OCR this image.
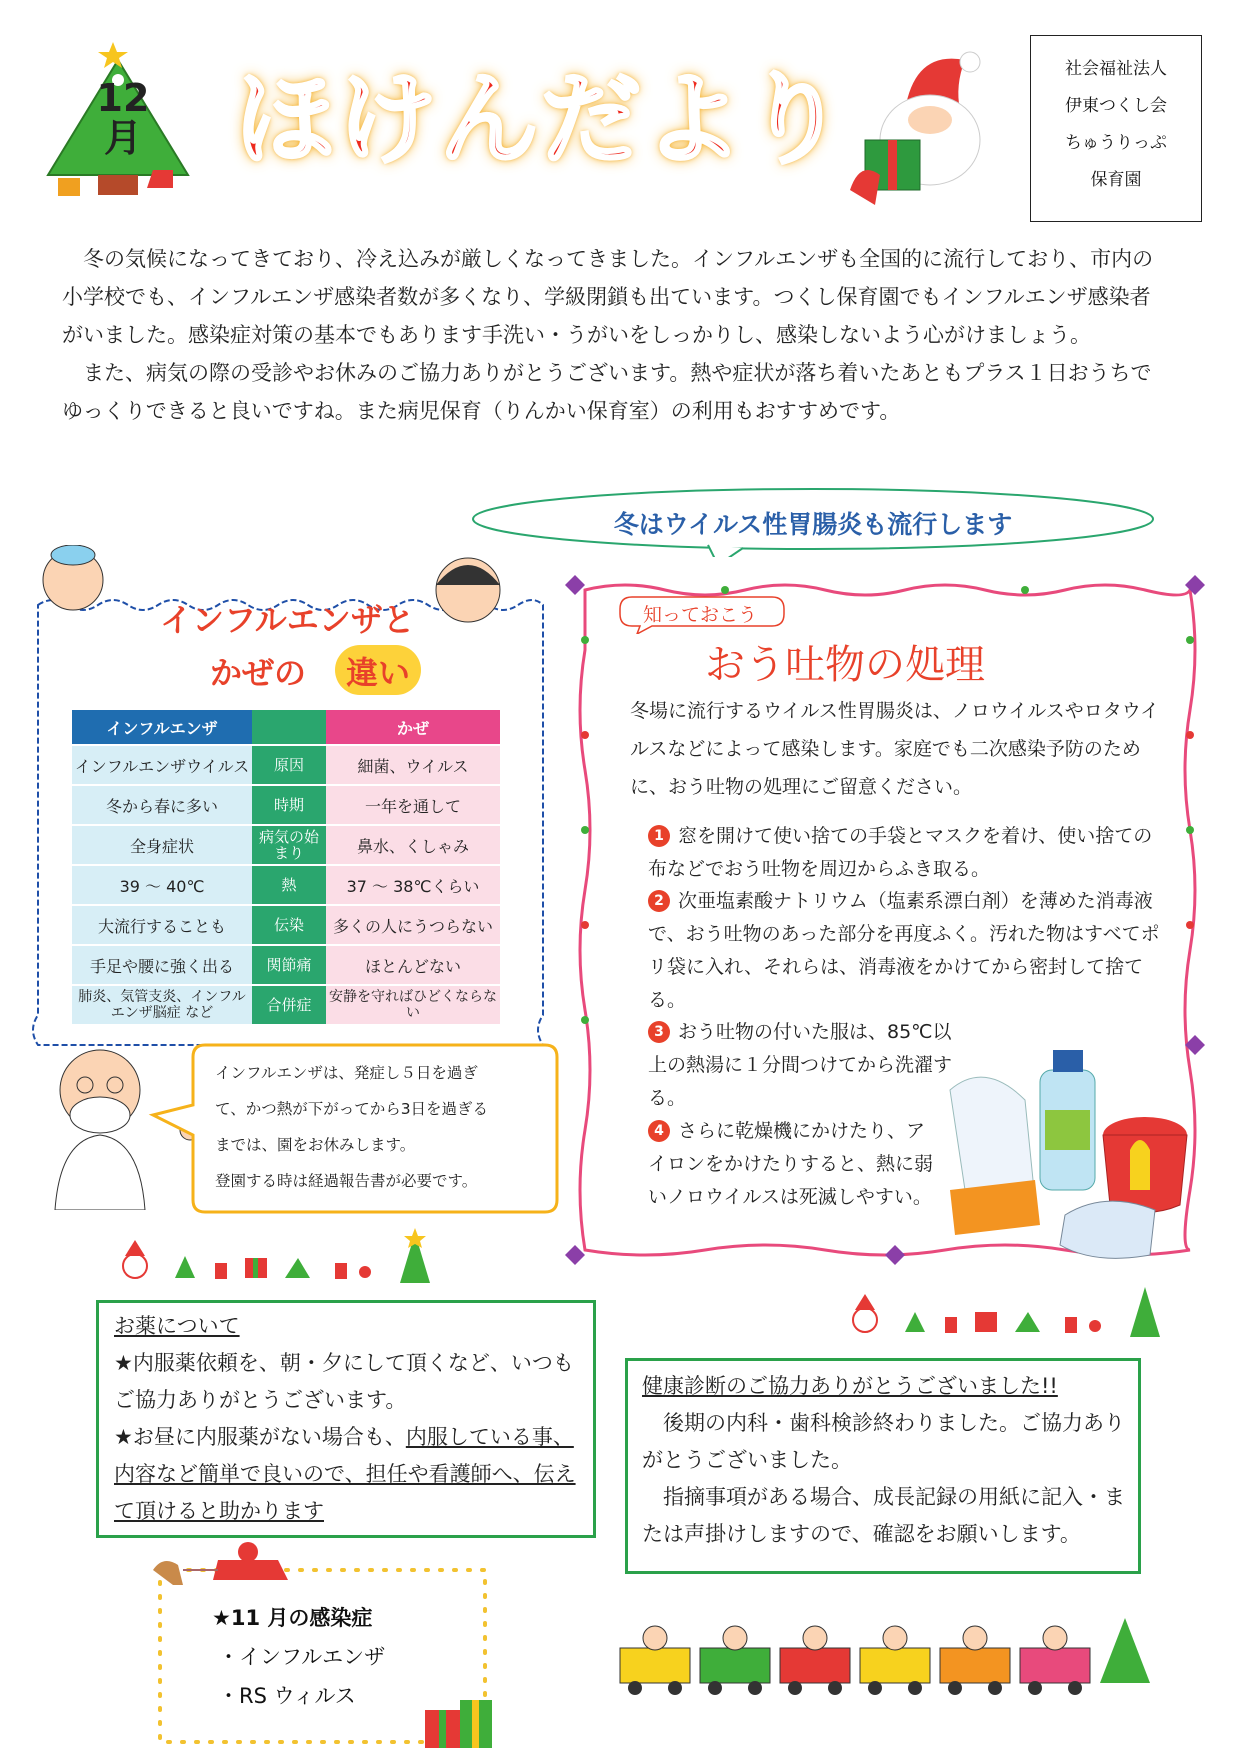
12月 ほけんだより	社会福祉法人
伊東つくし会
ちゅうりっぷ
保育園

冬の気候になってきており、冷え込みが厳しくなってきました。インフルエンザも全国的に流行しており、市内の小学校でも、インフルエンザ感染者数が多くなり、学級閉鎖も出ています。つくし保育園でもインフルエンザ感染者がいました。感染症対策の基本でもあります手洗い・うがいをしっかりし、感染しないよう心がけましょう。

また、病気の際の受診やお休みのご協力ありがとうございます。熱や症状が落ち着いたあともプラス１日おうちでゆっくりできると良いですね。また病児保育（りんかい保育室）の利用もおすすめです。

冬はウイルス性胃腸炎も流行します
インフルエンザと
かぜの	違い
インフルエンザ		かぜ
インフルエンザウイルス	原因	細菌、ウイルス
冬から春に多い	時期	一年を通して
全身症状	病気の始まり	鼻水、くしゃみ
39 ～ 40℃	熱	37 ～ 38℃くらい
大流行することも	伝染	多くの人にうつらない
手足や腰に強く出る	関節痛	ほとんどない
肺炎、気管支炎、インフルエンザ脳症 など	合併症	安静を守ればひどくならない
インフルエンザは、発症し５日を過ぎ
て、かつ熱が下がってから3日を過ぎる
までは、園をお休みします。
登園する時は経過報告書が必要です。
知っておこう
おう吐物の処理
冬場に流行するウイルス性胃腸炎は、ノロウイルスやロタウイルスなどによって感染します。家庭でも二次感染予防のために、おう吐物の処理にご留意ください。
1 窓を開けて使い捨ての手袋とマスクを着け、使い捨ての布などでおう吐物を周辺からふき取る。
2 次亜塩素酸ナトリウム（塩素系漂白剤）を薄めた消毒液で、おう吐物のあった部分を再度ふく。汚れた物はすべてポリ袋に入れ、それらは、消毒液をかけてから密封して捨てる。
3 おう吐物の付いた服は、85℃以上の熱湯に１分間つけてから洗濯する。
4 さらに乾燥機にかけたり、アイロンをかけたりすると、熱に弱いノロウイルスは死滅しやすい。
お薬について
★内服薬依頼を、朝・夕にして頂くなど、いつもご協力ありがとうございます。
★お昼に内服薬がない場合も、内服している事、内容など簡単で良いので、担任や看護師へ、伝えて頂けると助かります

健康診断のご協力ありがとうございました!!

後期の内科・歯科検診終わりました。ご協力ありがとうございました。

指摘事項がある場合、成長記録の用紙に記入・または声掛けしますので、確認をお願いします。

★11 月の感染症
・インフルエンザ
・RS ウィルス
